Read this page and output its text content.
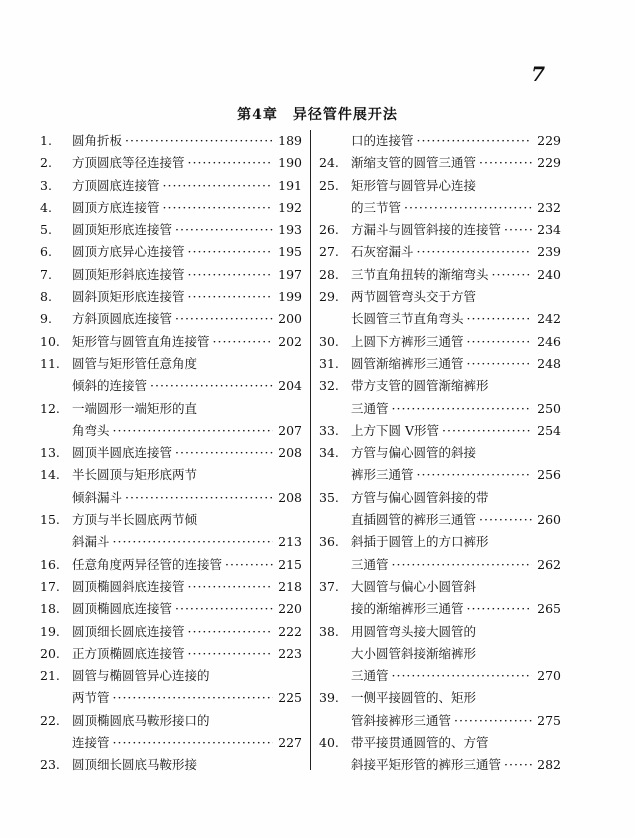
7
第4章　异径管件展开法
1.	圆角折板 ·····	189
2.	方顶圆底等径连接管 ·····	190
3.	方顶圆底连接管 ·····	191
4.	圆顶方底连接管 ·····	192
5.	圆顶矩形底连接管 ·····	193
6.	圆顶方底异心连接管 ·····	195
7.	圆顶矩形斜底连接管 ·····	197
8.	圆斜顶矩形底连接管 ·····	199
9.	方斜顶圆底连接管 ·····	200
10. 矩形管与圆管直角连接管 ·····	202
11. 圆管与矩形管任意角度
倾斜的连接管 ·····	204
12. 一端圆形一端矩形的直
角弯头 ·····	207
13. 圆顶半圆底连接管 ·····	208
14. 半长圆顶与矩形底两节
倾斜漏斗 ·····	208
15. 方顶与半长圆底两节倾
斜漏斗 ·····	213
16. 任意角度两异径管的连接管 ·····	215
17. 圆顶椭圆斜底连接管 ·····	218
18. 圆顶椭圆底连接管 ·····	220
19. 圆顶细长圆底连接管 ·····	222
20. 正方顶椭圆底连接管 ·····	223
21. 圆管与椭圆管异心连接的
两节管 ·····	225
22. 圆顶椭圆底马鞍形接口的
连接管 ·····	227
23. 圆顶细长圆底马鞍形接
口的连接管 ·····	229
24. 渐缩支管的圆管三通管 ·····	229
25. 矩形管与圆管异心连接
的三节管 ·····	232
26. 方漏斗与圆管斜接的连接管 ·····	234
27. 石灰窑漏斗 ·····	239
28. 三节直角扭转的渐缩弯头 ·····	240
29. 两节圆管弯头交于方管
长圆管三节直角弯头 ·····	242
30. 上圆下方裤形三通管 ·····	246
31. 圆管渐缩裤形三通管 ·····	248
32. 带方支管的圆管渐缩裤形
三通管 ·····	250
33. 上方下圆 V形管 ·····	254
34. 方管与偏心圆管的斜接
裤形三通管 ·····	256
35. 方管与偏心圆管斜接的带
直插圆管的裤形三通管 ·····	260
36. 斜插于圆管上的方口裤形
三通管 ·····	262
37. 大圆管与偏心小圆管斜
接的渐缩裤形三通管 ·····	265
38. 用圆管弯头接大圆管的
大小圆管斜接渐缩裤形
三通管 ·····	270
39. 一侧平接圆管的、矩形
管斜接裤形三通管 ·····	275
40. 带平接贯通圆管的、方管
斜接平矩形管的裤形三通管 ·····	282
